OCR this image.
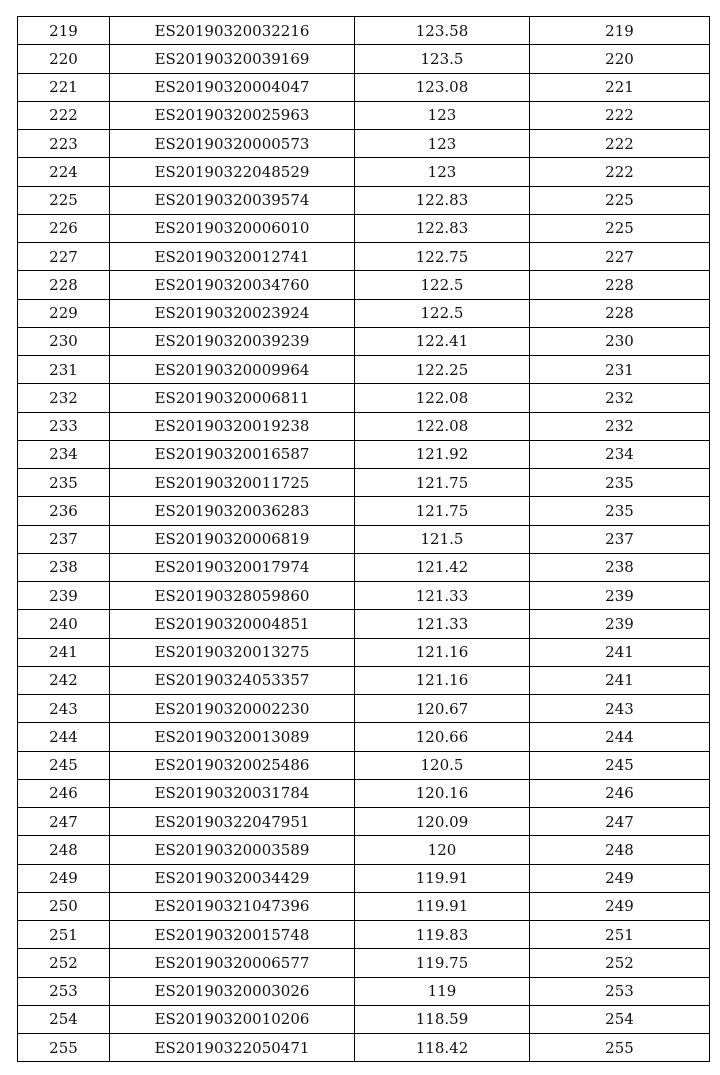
219	ES20190320032216	123.58	219
220	ES20190320039169	123.5	220
221	ES20190320004047	123.08	221
222	ES20190320025963	123	222
223	ES20190320000573	123	222
224	ES20190322048529	123	222
225	ES20190320039574	122.83	225
226	ES20190320006010	122.83	225
227	ES20190320012741	122.75	227
228	ES20190320034760	122.5	228
229	ES20190320023924	122.5	228
230	ES20190320039239	122.41	230
231	ES20190320009964	122.25	231
232	ES20190320006811	122.08	232
233	ES20190320019238	122.08	232
234	ES20190320016587	121.92	234
235	ES20190320011725	121.75	235
236	ES20190320036283	121.75	235
237	ES20190320006819	121.5	237
238	ES20190320017974	121.42	238
239	ES20190328059860	121.33	239
240	ES20190320004851	121.33	239
241	ES20190320013275	121.16	241
242	ES20190324053357	121.16	241
243	ES20190320002230	120.67	243
244	ES20190320013089	120.66	244
245	ES20190320025486	120.5	245
246	ES20190320031784	120.16	246
247	ES20190322047951	120.09	247
248	ES20190320003589	120	248
249	ES20190320034429	119.91	249
250	ES20190321047396	119.91	249
251	ES20190320015748	119.83	251
252	ES20190320006577	119.75	252
253	ES20190320003026	119	253
254	ES20190320010206	118.59	254
255	ES20190322050471	118.42	255
